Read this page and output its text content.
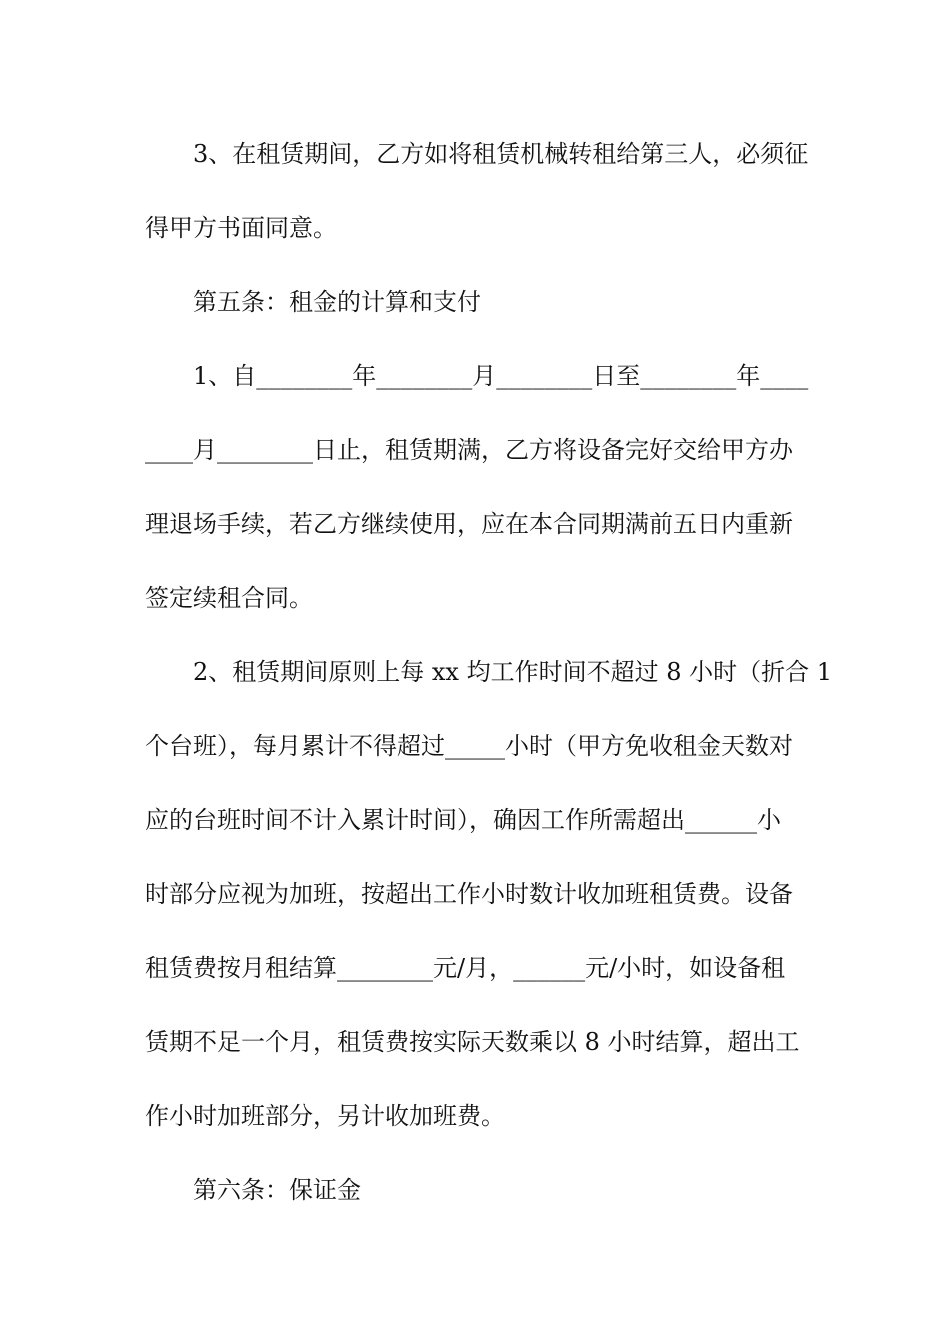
3、在租赁期间，乙方如将租赁机械转租给第三人，必须征
得甲方书面同意。
第五条：租金的计算和支付
1、自________年________月________日至________年____
____月________日止，租赁期满，乙方将设备完好交给甲方办
理退场手续，若乙方继续使用，应在本合同期满前五日内重新
签定续租合同。
2、租赁期间原则上每 xx 均工作时间不超过 8 小时（折合 1
个台班），每月累计不得超过_____小时（甲方免收租金天数对
应的台班时间不计入累计时间），确因工作所需超出______小
时部分应视为加班，按超出工作小时数计收加班租赁费。设备
租赁费按月租结算________元/月，______元/小时，如设备租
赁期不足一个月，租赁费按实际天数乘以 8 小时结算，超出工
作小时加班部分，另计收加班费。
第六条：保证金
